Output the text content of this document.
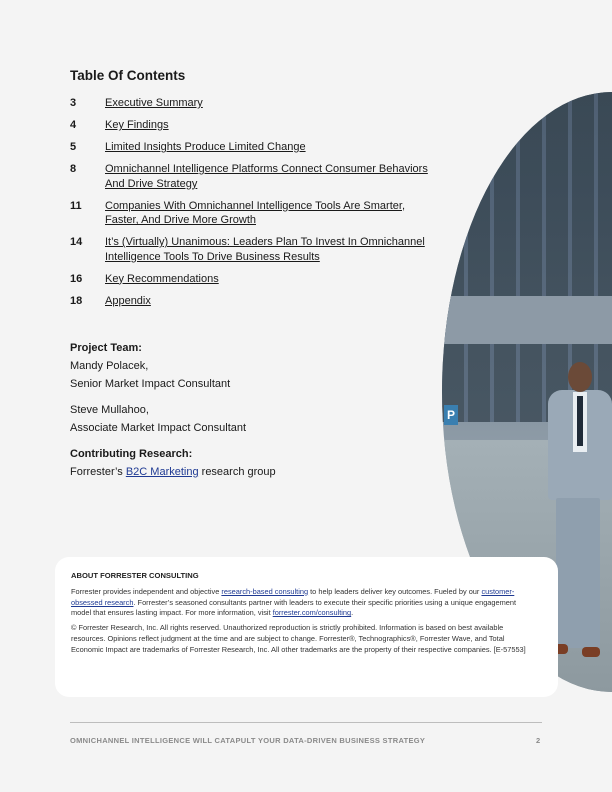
P
Table Of Contents
3	Executive Summary
4	Key Findings
5	Limited Insights Produce Limited Change
8	Omnichannel Intelligence Platforms Connect Consumer Behaviors And Drive Strategy
11	Companies With Omnichannel Intelligence Tools Are Smarter, Faster, And Drive More Growth
14	It’s (Virtually) Unanimous: Leaders Plan To Invest In Omnichannel Intelligence Tools To Drive Business Results
16	Key Recommendations
18	Appendix
Project Team:
Mandy Polacek,
Senior Market Impact Consultant
Steve Mullahoo,
Associate Market Impact Consultant
Contributing Research:
Forrester’s B2C Marketing research group
ABOUT FORRESTER CONSULTING

Forrester provides independent and objective research-based consulting to help leaders deliver key outcomes. Fueled by our customer-obsessed research. Forrester’s seasoned consultants partner with leaders to execute their specific priorities using a unique engagement model that ensures lasting impact. For more information, visit forrester.com/consulting.

© Forrester Research, Inc. All rights reserved. Unauthorized reproduction is strictly prohibited. Information is based on best available resources. Opinions reflect judgment at the time and are subject to change. Forrester®, Technographics®, Forrester Wave, and Total Economic Impact are trademarks of Forrester Research, Inc. All other trademarks are the property of their respective companies. [E-57553]

OMNICHANNEL INTELLIGENCE WILL CATAPULT YOUR DATA-DRIVEN BUSINESS STRATEGY	2
